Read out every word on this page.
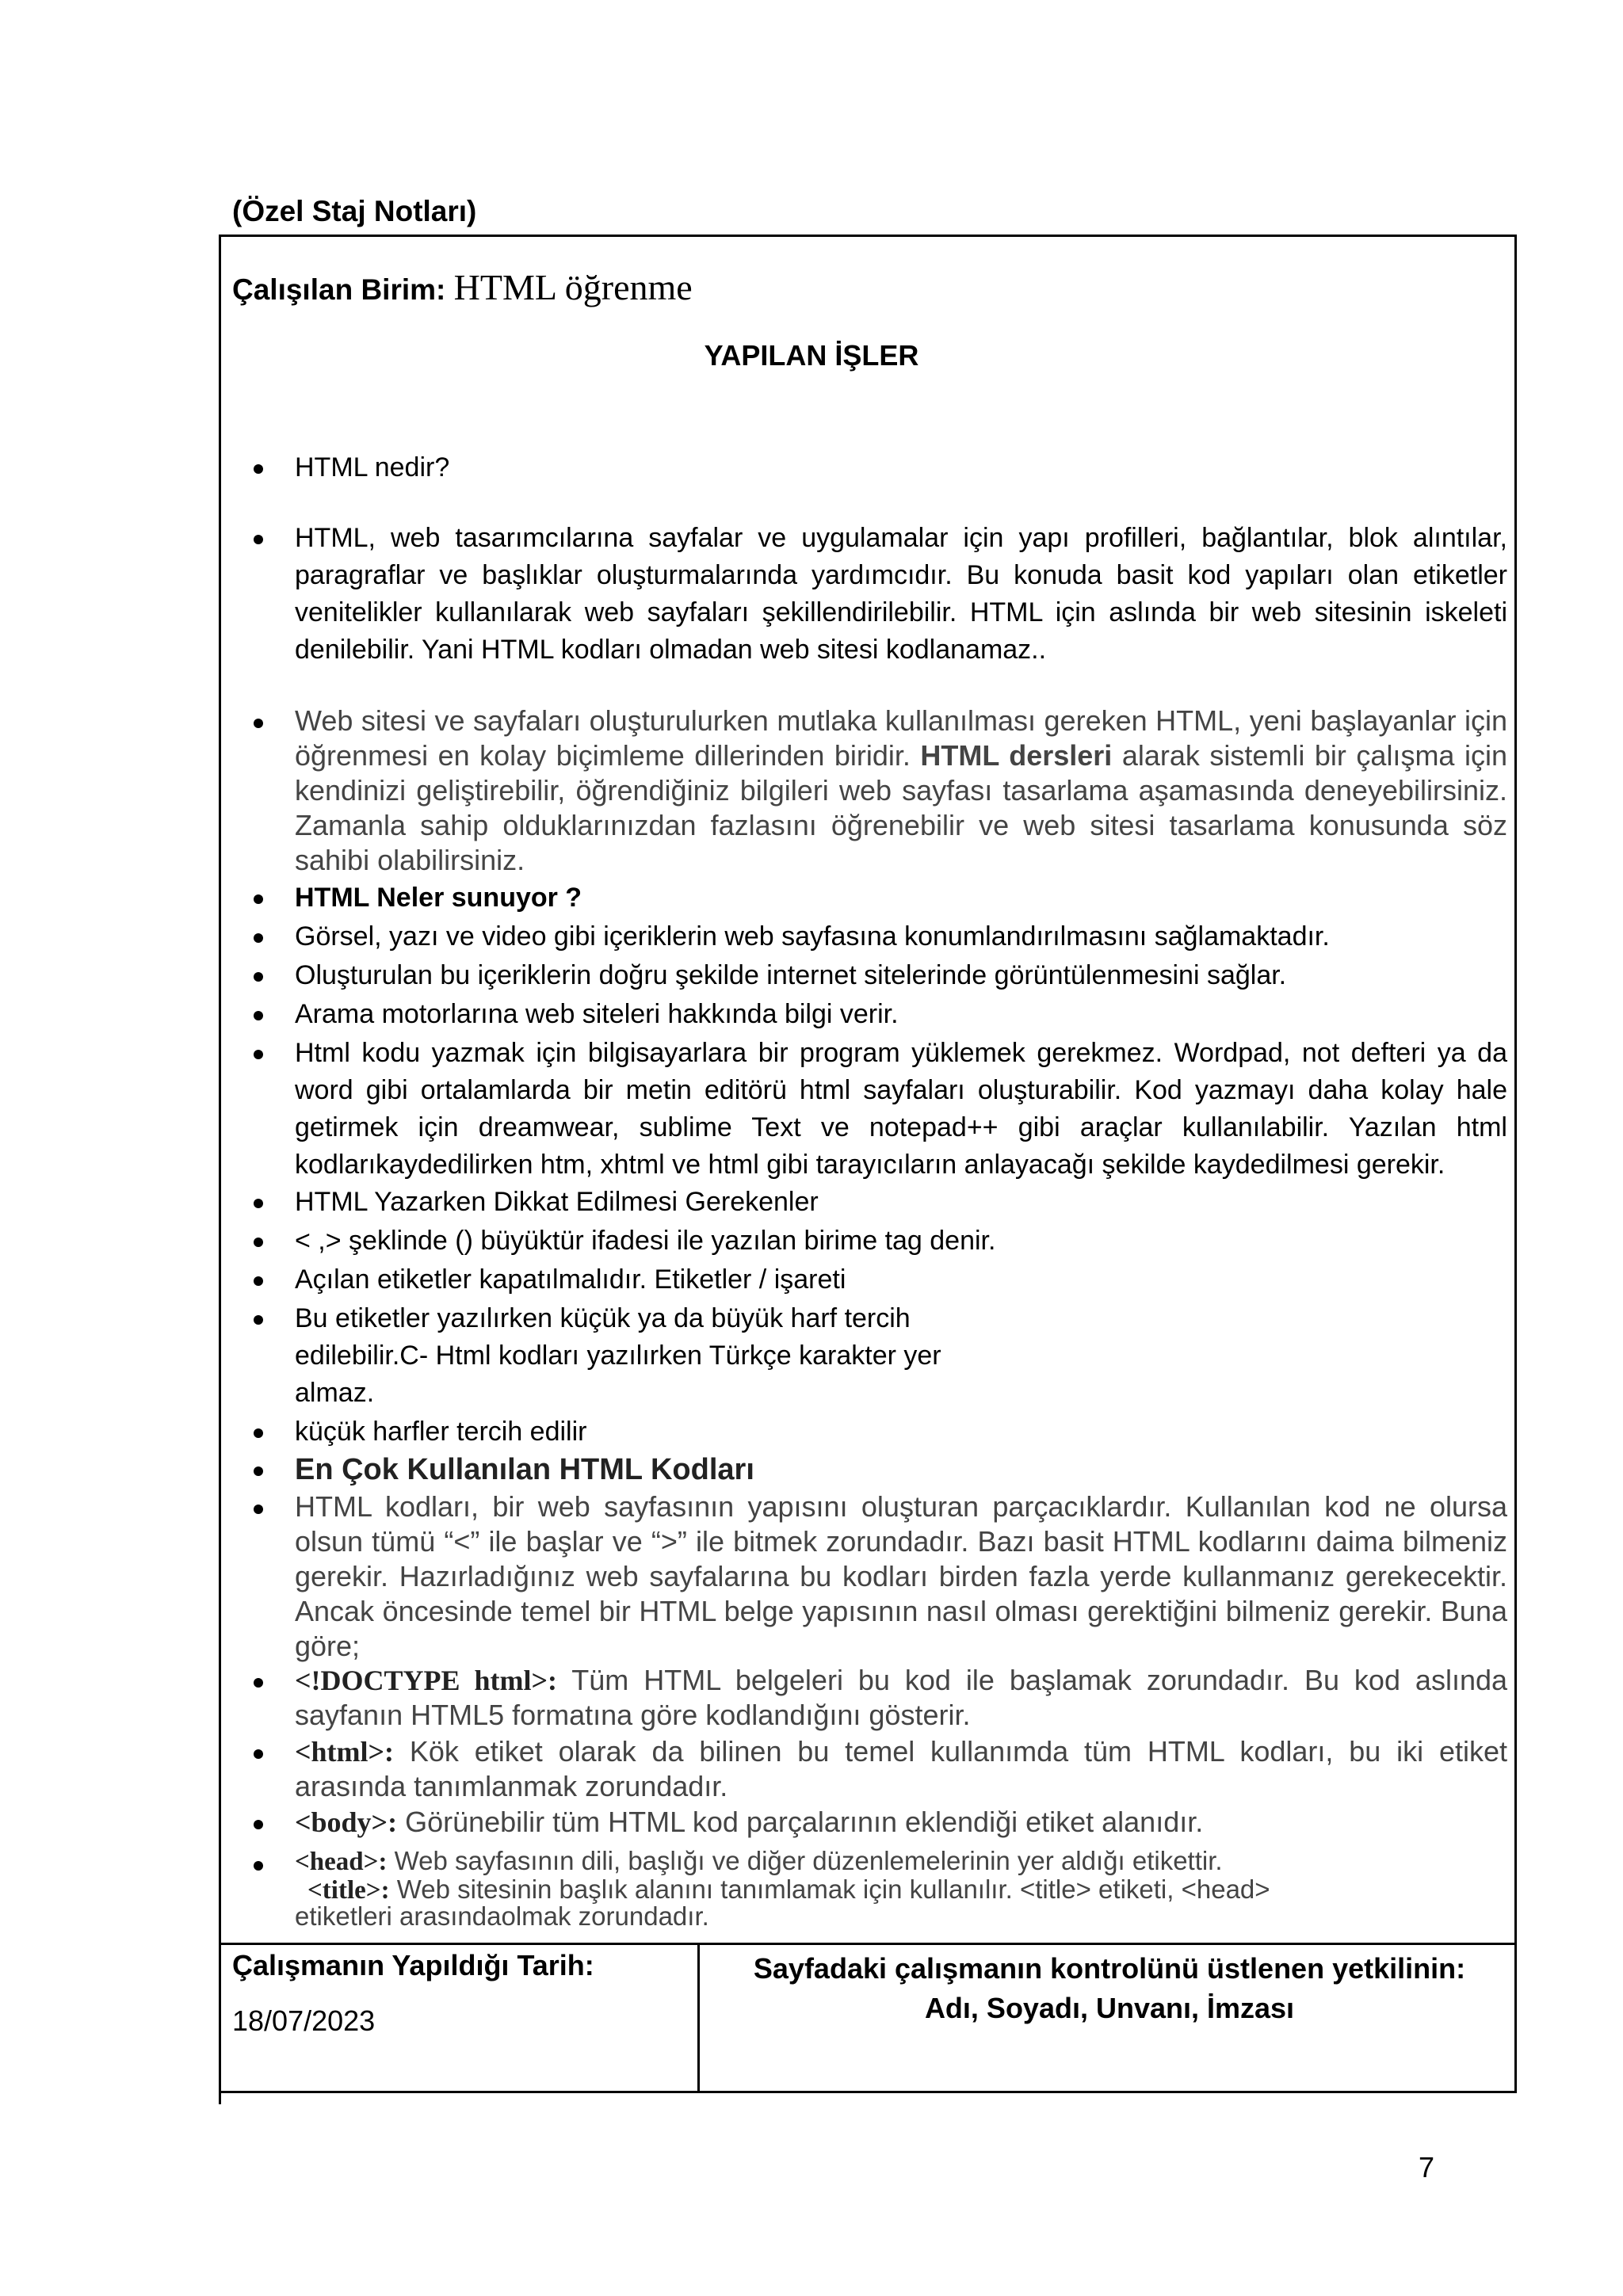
(Özel Staj Notları)
Çalışılan Birim: HTML öğrenme
YAPILAN İŞLER
HTML nedir?
HTML, web tasarımcılarına sayfalar ve uygulamalar için yapı profilleri, bağlantılar, blok alıntılar, paragraflar ve başlıklar oluşturmalarında yardımcıdır. Bu konuda basit kod yapıları olan etiketler venitelikler kullanılarak web sayfaları şekillendirilebilir. HTML için aslında bir web sitesinin iskeleti denilebilir. Yani HTML kodları olmadan web sitesi kodlanamaz..
Web sitesi ve sayfaları oluşturulurken mutlaka kullanılması gereken HTML, yeni başlayanlar için öğrenmesi en kolay biçimleme dillerinden biridir. HTML dersleri alarak sistemli bir çalışma için kendinizi geliştirebilir, öğrendiğiniz bilgileri web sayfası tasarlama aşamasında deneyebilirsiniz. Zamanla sahip olduklarınızdan fazlasını öğrenebilir ve web sitesi tasarlama konusunda söz sahibi olabilirsiniz.
HTML Neler sunuyor ?
Görsel, yazı ve video gibi içeriklerin web sayfasına konumlandırılmasını sağlamaktadır.
Oluşturulan bu içeriklerin doğru şekilde internet sitelerinde görüntülenmesini sağlar.
Arama motorlarına web siteleri hakkında bilgi verir.
Html kodu yazmak için bilgisayarlara bir program yüklemek gerekmez. Wordpad, not defteri ya da word gibi ortalamlarda bir metin editörü html sayfaları oluşturabilir. Kod yazmayı daha kolay hale getirmek için dreamwear, sublime Text ve notepad++ gibi araçlar kullanılabilir. Yazılan html kodlarıkaydedilirken htm, xhtml ve html gibi tarayıcıların anlayacağı şekilde kaydedilmesi gerekir.
HTML Yazarken Dikkat Edilmesi Gerekenler
< ,> şeklinde () büyüktür ifadesi ile yazılan birime tag denir.
Açılan etiketler kapatılmalıdır. Etiketler / işareti
Bu etiketler yazılırken küçük ya da büyük harf tercih
edilebilir.C- Html kodları yazılırken Türkçe karakter yer
almaz.
küçük harfler tercih edilir
En Çok Kullanılan HTML Kodları
HTML kodları, bir web sayfasının yapısını oluşturan parçacıklardır. Kullanılan kod ne olursa olsun tümü “<” ile başlar ve “>” ile bitmek zorundadır. Bazı basit HTML kodlarını daima bilmeniz gerekir. Hazırladığınız web sayfalarına bu kodları birden fazla yerde kullanmanız gerekecektir. Ancak öncesinde temel bir HTML belge yapısının nasıl olması gerektiğini bilmeniz gerekir. Buna göre;
<!DOCTYPE html>: Tüm HTML belgeleri bu kod ile başlamak zorundadır. Bu kod aslında sayfanın HTML5 formatına göre kodlandığını gösterir.
<html>: Kök etiket olarak da bilinen bu temel kullanımda tüm HTML kodları, bu iki etiket arasında tanımlanmak zorundadır.
<body>: Görünebilir tüm HTML kod parçalarının eklendiği etiket alanıdır.
<head>: Web sayfasının dili, başlığı ve diğer düzenlemelerinin yer aldığı etikettir.
<title>: Web sitesinin başlık alanını tanımlamak için kullanılır. <title> etiketi, <head>
etiketleri arasındaolmak zorundadır.
Çalışmanın Yapıldığı Tarih:
18/07/2023
Sayfadaki çalışmanın kontrolünü üstlenen yetkilinin:
Adı, Soyadı, Unvanı, İmzası
7
